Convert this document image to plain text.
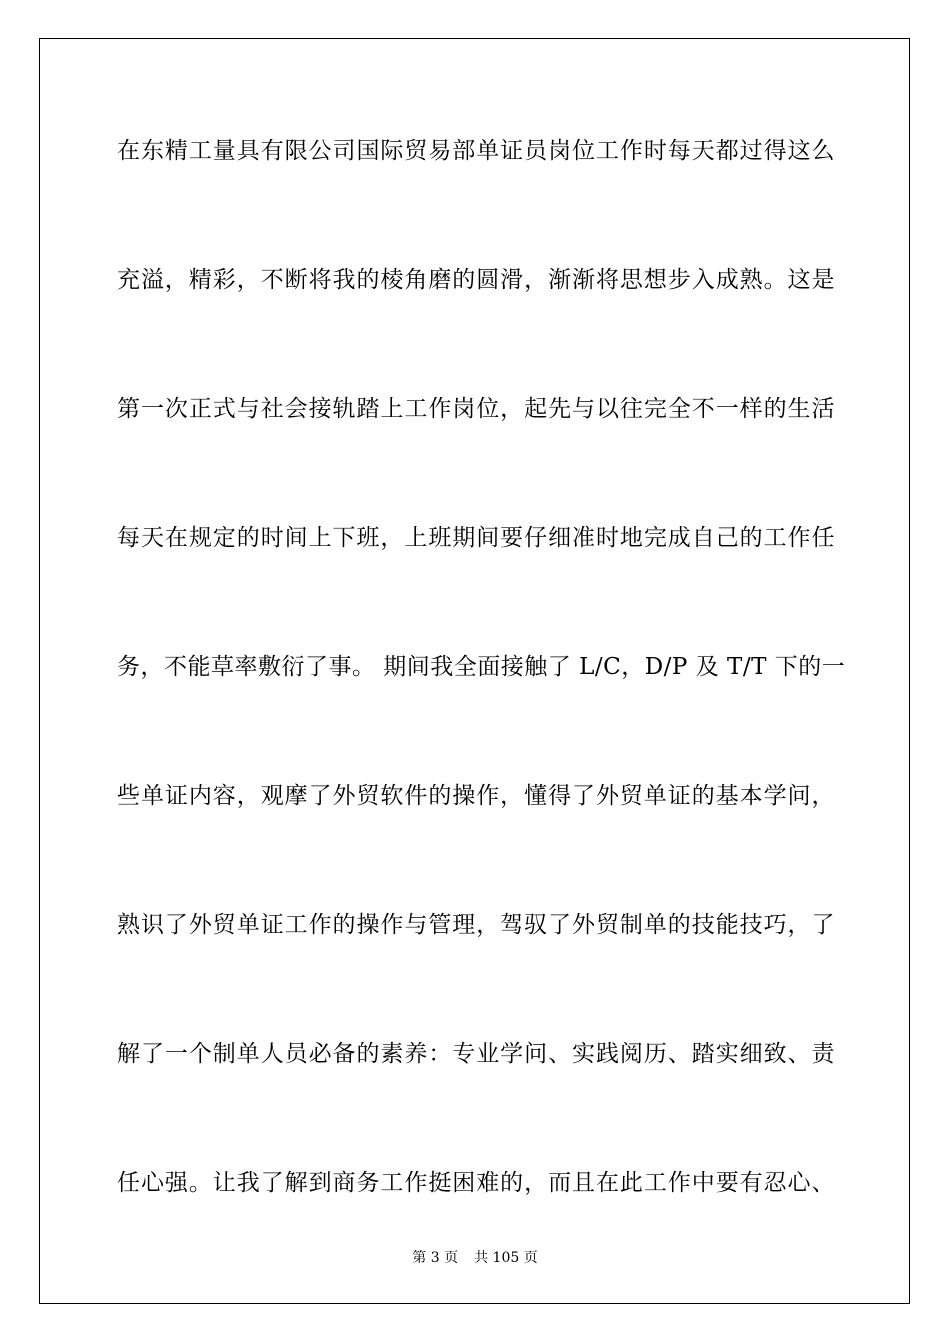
在东精工量具有限公司国际贸易部单证员岗位工作时每天都过得这么
充溢，精彩，不断将我的棱角磨的圆滑，渐渐将思想步入成熟。这是
第一次正式与社会接轨踏上工作岗位，起先与以往完全不一样的生活
每天在规定的时间上下班，上班期间要仔细准时地完成自己的工作任
务，不能草率敷衍了事。 期间我全面接触了 L/C，D/P 及 T/T 下的一
些单证内容，观摩了外贸软件的操作，懂得了外贸单证的基本学问，
熟识了外贸单证工作的操作与管理，驾驭了外贸制单的技能技巧，了
解了一个制单人员必备的素养：专业学问、实践阅历、踏实细致、责
任心强。让我了解到商务工作挺困难的，而且在此工作中要有忍心、
第 3 页 共 105 页
